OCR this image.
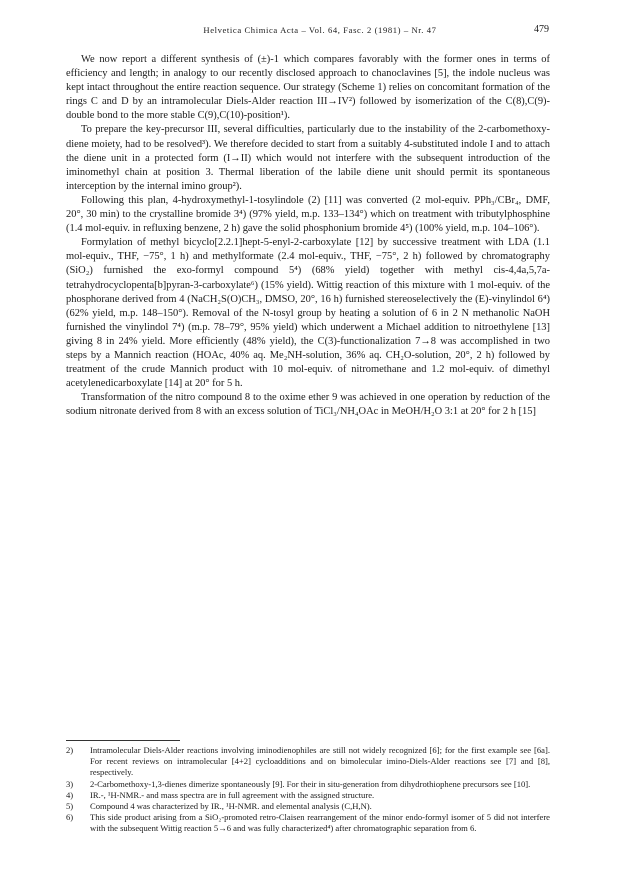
Helvetica Chimica Acta – Vol. 64, Fasc. 2 (1981) – Nr. 47	479

We now report a different synthesis of (±)-1 which compares favorably with the former ones in terms of efficiency and length; in analogy to our recently disclosed approach to chanoclavines [5], the indole nucleus was kept intact throughout the entire reaction sequence. Our strategy (Scheme 1) relies on concomitant formation of the rings C and D by an intramolecular Diels-Alder reaction III→IV²) followed by isomerization of the C(8),C(9)-double bond to the more stable C(9),C(10)-position¹).

To prepare the key-precursor III, several difficulties, particularly due to the instability of the 2-carbomethoxy-diene moiety, had to be resolved³). We therefore decided to start from a suitably 4-substituted indole I and to attach the diene unit in a protected form (I→II) which would not interfere with the subsequent introduction of the iminomethyl chain at position 3. Thermal liberation of the labile diene unit should permit its spontaneous interception by the internal imino group²).

Following this plan, 4-hydroxymethyl-1-tosylindole (2) [11] was converted (2 mol-equiv. PPh₃/CBr₄, DMF, 20°, 30 min) to the crystalline bromide 3⁴) (97% yield, m.p. 133–134°) which on treatment with tributylphosphine (1.4 mol-equiv. in refluxing benzene, 2 h) gave the solid phosphonium bromide 4⁵) (100% yield, m.p. 104–106°).

Formylation of methyl bicyclo[2.2.1]hept-5-enyl-2-carboxylate [12] by successive treatment with LDA (1.1 mol-equiv., THF, −75°, 1 h) and methylformate (2.4 mol-equiv., THF, −75°, 2 h) followed by chromatography (SiO₂) furnished the exo-formyl compound 5⁴) (68% yield) together with methyl cis-4,4a,5,7a-tetrahydrocyclopenta[b]pyran-3-carboxylate⁶) (15% yield). Wittig reaction of this mixture with 1 mol-equiv. of the phosphorane derived from 4 (NaCH₂S(O)CH₃, DMSO, 20°, 16 h) furnished stereoselectively the (E)-vinylindol 6⁴) (62% yield, m.p. 148–150°). Removal of the N-tosyl group by heating a solution of 6 in 2 N methanolic NaOH furnished the vinylindol 7⁴) (m.p. 78–79°, 95% yield) which underwent a Michael addition to nitroethylene [13] giving 8 in 24% yield. More efficiently (48% yield), the C(3)-functionalization 7→8 was accomplished in two steps by a Mannich reaction (HOAc, 40% aq. Me₂NH-solution, 36% aq. CH₂O-solution, 20°, 2 h) followed by treatment of the crude Mannich product with 10 mol-equiv. of nitromethane and 1.2 mol-equiv. of dimethyl acetylenedicarboxylate [14] at 20° for 5 h.

Transformation of the nitro compound 8 to the oxime ether 9 was achieved in one operation by reduction of the sodium nitronate derived from 8 with an excess solution of TiCl₃/NH₄OAc in MeOH/H₂O 3:1 at 20° for 2 h [15]

2)	Intramolecular Diels-Alder reactions involving iminodienophiles are still not widely recognized [6]; for the first example see [6a]. For recent reviews on intramolecular [4+2] cycloadditions and on bimolecular imino-Diels-Alder reactions see [7] and [8], respectively.
3)	2-Carbomethoxy-1,3-dienes dimerize spontaneously [9]. For their in situ-generation from dihydrothiophene precursors see [10].
4)	IR.-, ¹H-NMR.- and mass spectra are in full agreement with the assigned structure.
5)	Compound 4 was characterized by IR., ¹H-NMR. and elemental analysis (C,H,N).
6)	This side product arising from a SiO₂-promoted retro-Claisen rearrangement of the minor endo-formyl isomer of 5 did not interfere with the subsequent Wittig reaction 5→6 and was fully characterized⁴) after chromatographic separation from 6.
